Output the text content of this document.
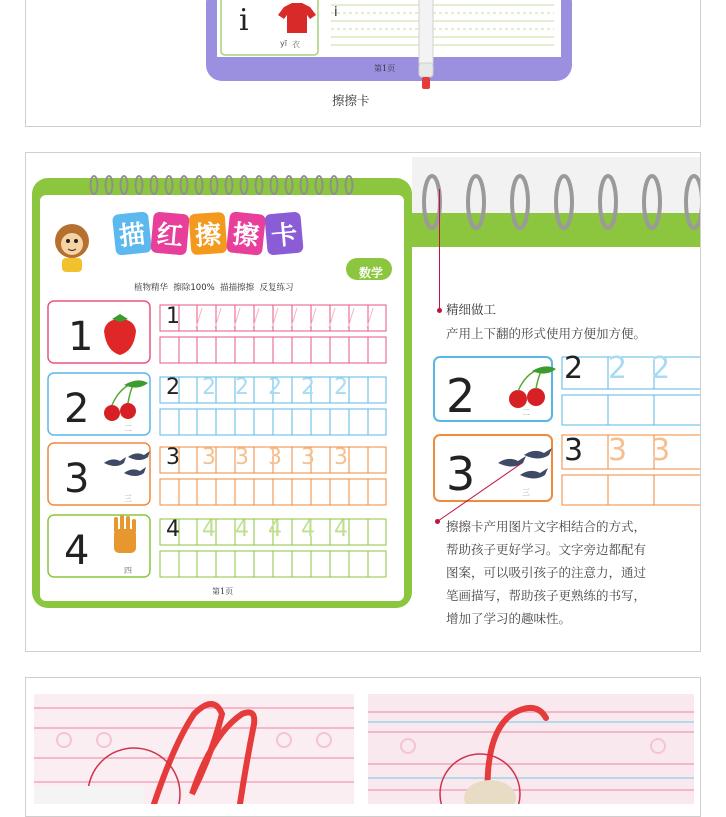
i
yī 衣
i
第1页
擦擦卡
描 红 擦 擦 卡
数学
植物精华  擦除100%  描描擦擦  反复练习
1
2
3
4
二
三
四
1
2
3
4
22222
33333
44444
第1页
精细做工
产用上下翻的形式使用方便加方便。
2
3
二
三
2
3
22
33
擦擦卡产用图片文字相结合的方式，
帮助孩子更好学习。文字旁边都配有
图案，可以吸引孩子的注意力，通过
笔画描写，帮助孩子更熟练的书写，
增加了学习的趣味性。
